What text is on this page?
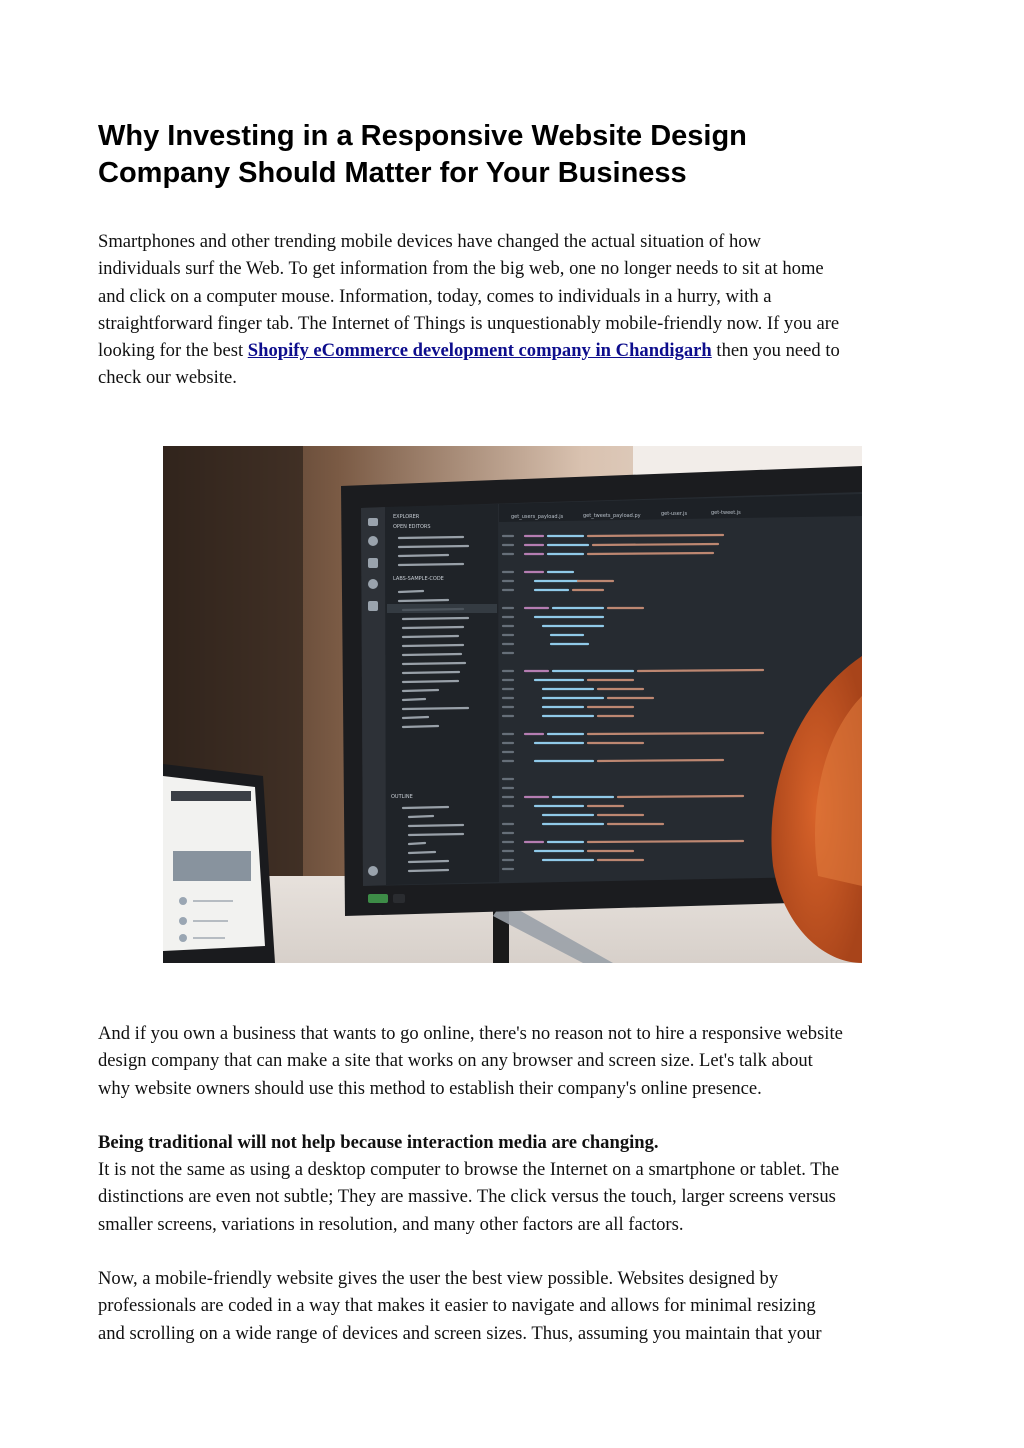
Why Investing in a Responsive Website Design
Company Should Matter for Your Business
Smartphones and other trending mobile devices have changed the actual situation of how
individuals surf the Web. To get information from the big web, one no longer needs to sit at home
and click on a computer mouse. Information, today, comes to individuals in a hurry, with a
straightforward finger tab. The Internet of Things is unquestionably mobile-friendly now. If you are
looking for the best Shopify eCommerce development company in Chandigarh then you need to
check our website.
EXPLORER
OPEN EDITORS
LABS-SAMPLE-CODE
OUTLINE
get_users_payload.js	get_tweets_payload.py	get-user.js	get-tweet.js
And if you own a business that wants to go online, there's no reason not to hire a responsive website
design company that can make a site that works on any browser and screen size. Let's talk about
why website owners should use this method to establish their company's online presence.
Being traditional will not help because interaction media are changing.
It is not the same as using a desktop computer to browse the Internet on a smartphone or tablet. The
distinctions are even not subtle; They are massive. The click versus the touch, larger screens versus
smaller screens, variations in resolution, and many other factors are all factors.
Now, a mobile-friendly website gives the user the best view possible. Websites designed by
professionals are coded in a way that makes it easier to navigate and allows for minimal resizing
and scrolling on a wide range of devices and screen sizes. Thus, assuming you maintain that your
